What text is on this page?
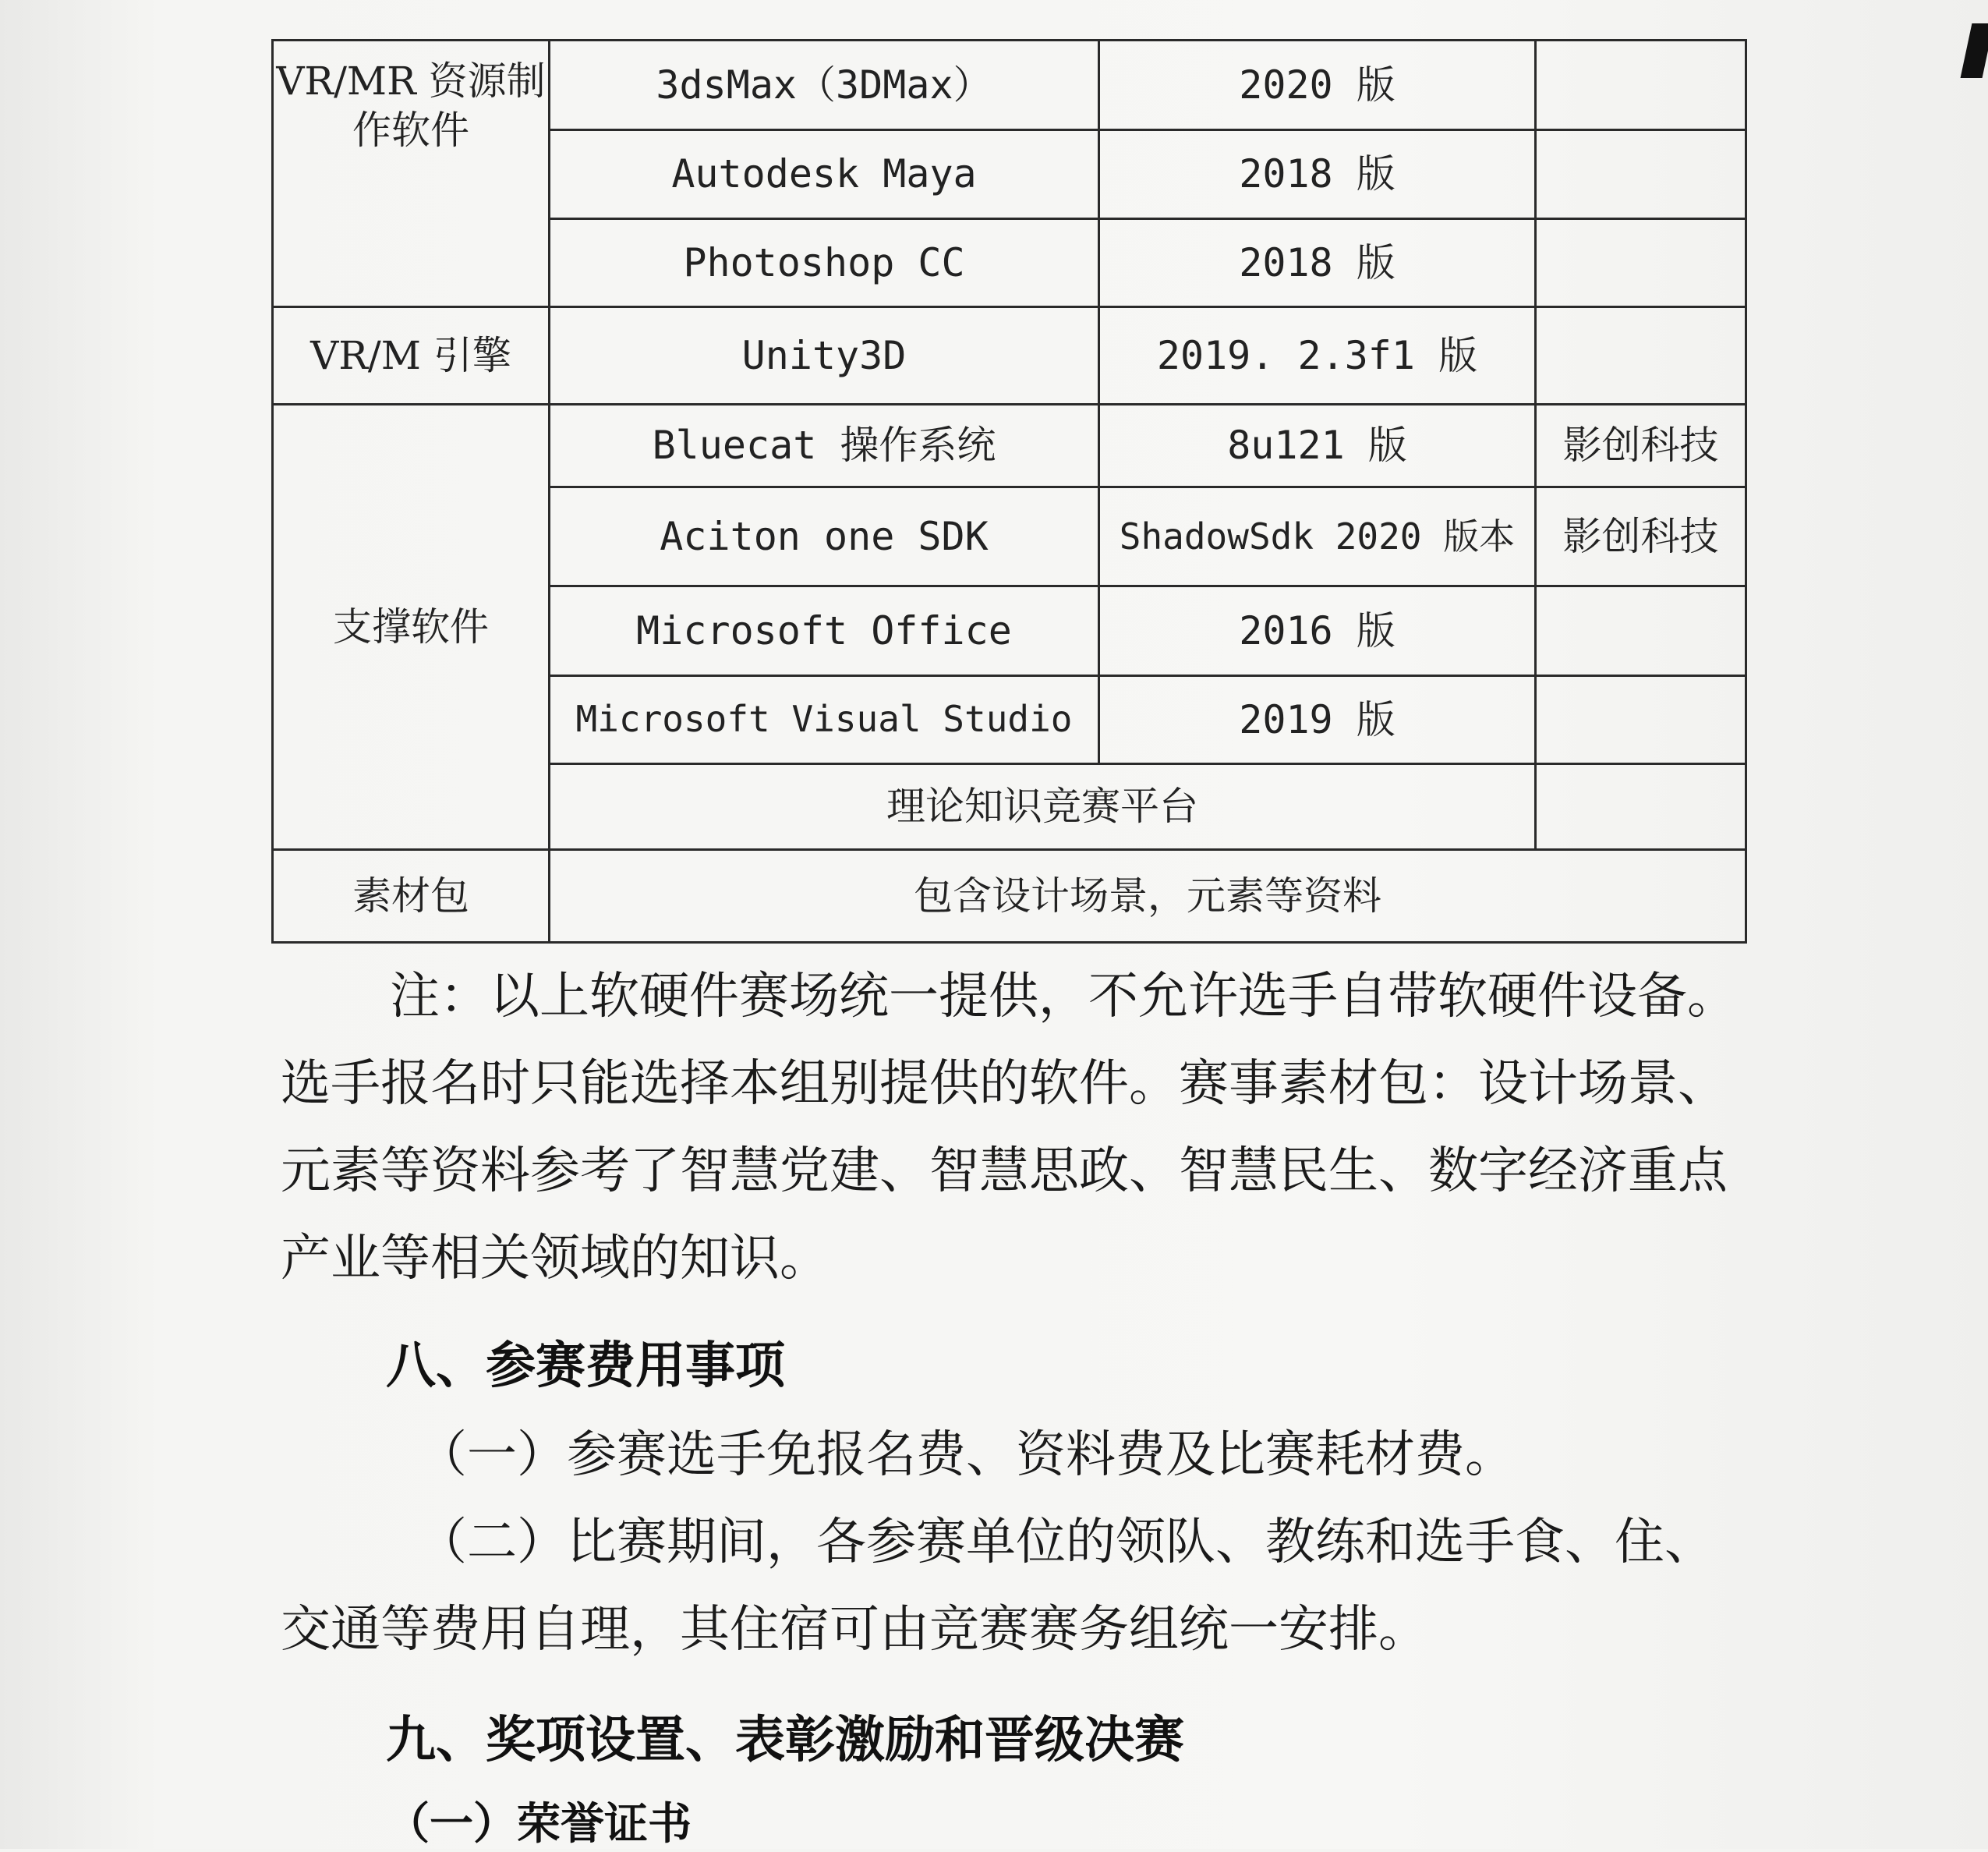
VR/MR 资源制作软件	3dsMax（3DMax）	2020 版	
	Autodesk Maya	2018 版	
	Photoshop CC	2018 版	
VR/M 引擎	Unity3D	2019. 2.3f1 版	
支撑软件	Bluecat 操作系统	8u121 版	影创科技
	Aciton one SDK	ShadowSdk 2020 版本	影创科技
	Microsoft Office	2016 版	
	Microsoft Visual Studio	2019 版	
	理论知识竞赛平台		
素材包	包含设计场景，元素等资料		

注：以上软硬件赛场统一提供，不允许选手自带软硬件设备。选手报名时只能选择本组别提供的软件。赛事素材包：设计场景、元素等资料参考了智慧党建、智慧思政、智慧民生、数字经济重点产业等相关领域的知识。

八、参赛费用事项

（一）参赛选手免报名费、资料费及比赛耗材费。

（二）比赛期间，各参赛单位的领队、教练和选手食、住、交通等费用自理，其住宿可由竞赛赛务组统一安排。

九、奖项设置、表彰激励和晋级决赛

（一）荣誉证书
